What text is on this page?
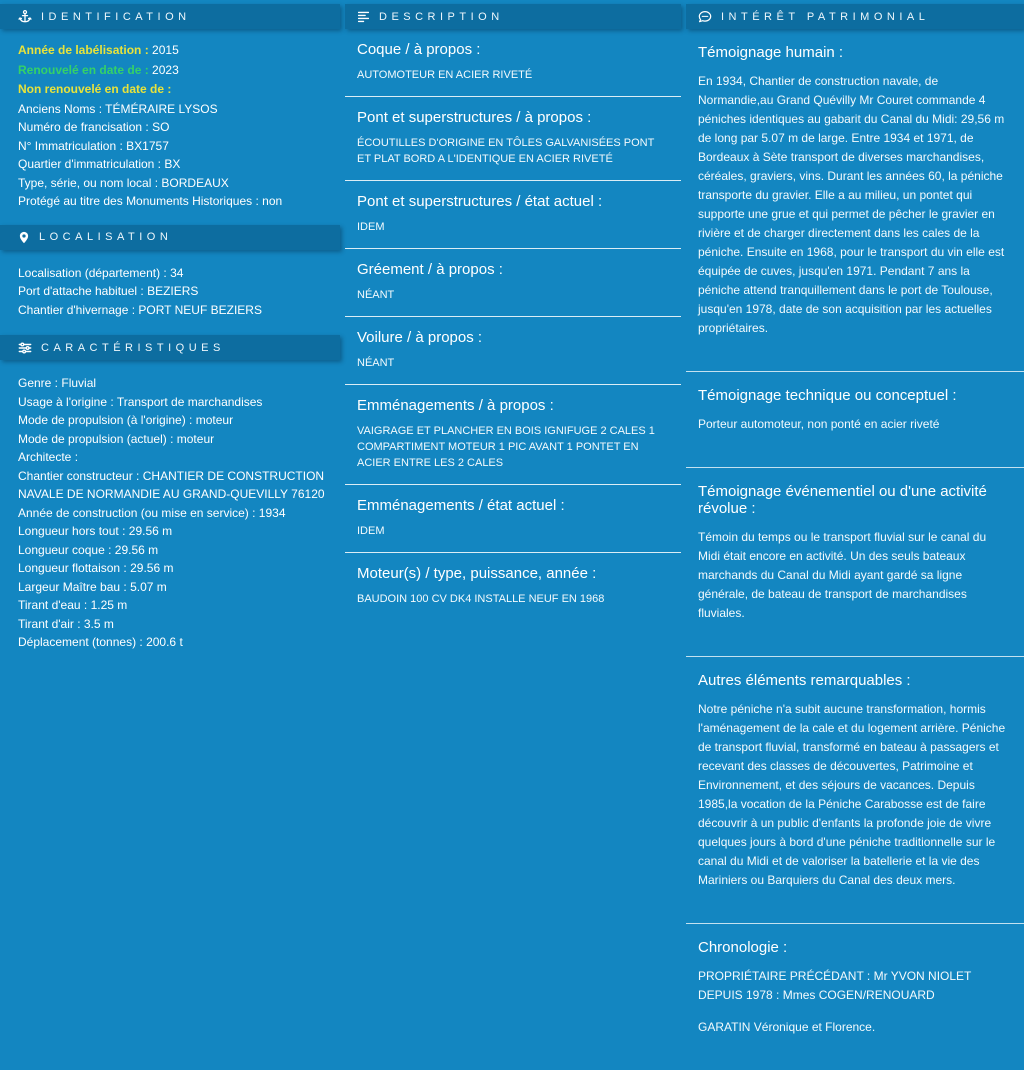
IDENTIFICATION
Année de labélisation : 2015
Renouvelé en date de : 2023
Non renouvelé en date de :
Anciens Noms : TÉMÉRAIRE LYSOS
Numéro de francisation : SO
N° Immatriculation : BX1757
Quartier d'immatriculation : BX
Type, série, ou nom local : BORDEAUX
Protégé au titre des Monuments Historiques : non
LOCALISATION
Localisation (département) : 34
Port d'attache habituel : BEZIERS
Chantier d'hivernage : PORT NEUF BEZIERS
CARACTÉRISTIQUES
Genre : Fluvial
Usage à l'origine : Transport de marchandises
Mode de propulsion (à l'origine) : moteur
Mode de propulsion (actuel) : moteur
Architecte :
Chantier constructeur : CHANTIER DE CONSTRUCTION NAVALE DE NORMANDIE AU GRAND-QUEVILLY 76120
Année de construction (ou mise en service) : 1934
Longueur hors tout : 29.56 m
Longueur coque : 29.56 m
Longueur flottaison : 29.56 m
Largeur Maître bau : 5.07 m
Tirant d'eau : 1.25 m
Tirant d'air : 3.5 m
Déplacement (tonnes) : 200.6 t
DESCRIPTION
Coque / à propos :
AUTOMOTEUR EN ACIER RIVETÉ
Pont et superstructures / à propos :
ÉCOUTILLES D'ORIGINE EN TÔLES GALVANISÉES PONT ET PLAT BORD A L'IDENTIQUE EN ACIER RIVETÉ
Pont et superstructures / état actuel :
IDEM
Gréement / à propos :
NÉANT
Voilure / à propos :
NÉANT
Emménagements / à propos :
VAIGRAGE ET PLANCHER EN BOIS IGNIFUGE 2 CALES 1 COMPARTIMENT MOTEUR 1 PIC AVANT 1 PONTET EN ACIER ENTRE LES 2 CALES
Emménagements / état actuel :
IDEM
Moteur(s) / type, puissance, année :
BAUDOIN 100 CV DK4 INSTALLE NEUF EN 1968
INTÉRÊT PATRIMONIAL
Témoignage humain :

En 1934, Chantier de construction navale, de Normandie,au Grand Quévilly Mr Couret commande 4 péniches identiques au gabarit du Canal du Midi: 29,56 m de long par 5.07 m de large. Entre 1934 et 1971, de Bordeaux à Sète transport de diverses marchandises, céréales, graviers, vins. Durant les années 60, la péniche transporte du gravier. Elle a au milieu, un pontet qui supporte une grue et qui permet de pêcher le gravier en rivière et de charger directement dans les cales de la péniche. Ensuite en 1968, pour le transport du vin elle est équipée de cuves, jusqu'en 1971. Pendant 7 ans la péniche attend tranquillement dans le port de Toulouse, jusqu'en 1978, date de son acquisition par les actuelles propriétaires.

Témoignage technique ou conceptuel :

Porteur automoteur, non ponté en acier riveté

Témoignage événementiel ou d'une activité révolue :

Témoin du temps ou le transport fluvial sur le canal du Midi était encore en activité. Un des seuls bateaux marchands du Canal du Midi ayant gardé sa ligne générale, de bateau de transport de marchandises fluviales.

Autres éléments remarquables :

Notre péniche n'a subit aucune transformation, hormis l'aménagement de la cale et du logement arrière. Péniche de transport fluvial, transformé en bateau à passagers et recevant des classes de découvertes, Patrimoine et Environnement, et des séjours de vacances. Depuis 1985,la vocation de la Péniche Carabosse est de faire découvrir à un public d'enfants la profonde joie de vivre quelques jours à bord d'une péniche traditionnelle sur le canal du Midi et de valoriser la batellerie et la vie des Mariniers ou Barquiers du Canal des deux mers.

Chronologie :

PROPRIÉTAIRE PRÉCÉDANT : Mr YVON NIOLET DEPUIS 1978 : Mmes COGEN/RENOUARD

GARATIN Véronique et Florence.
